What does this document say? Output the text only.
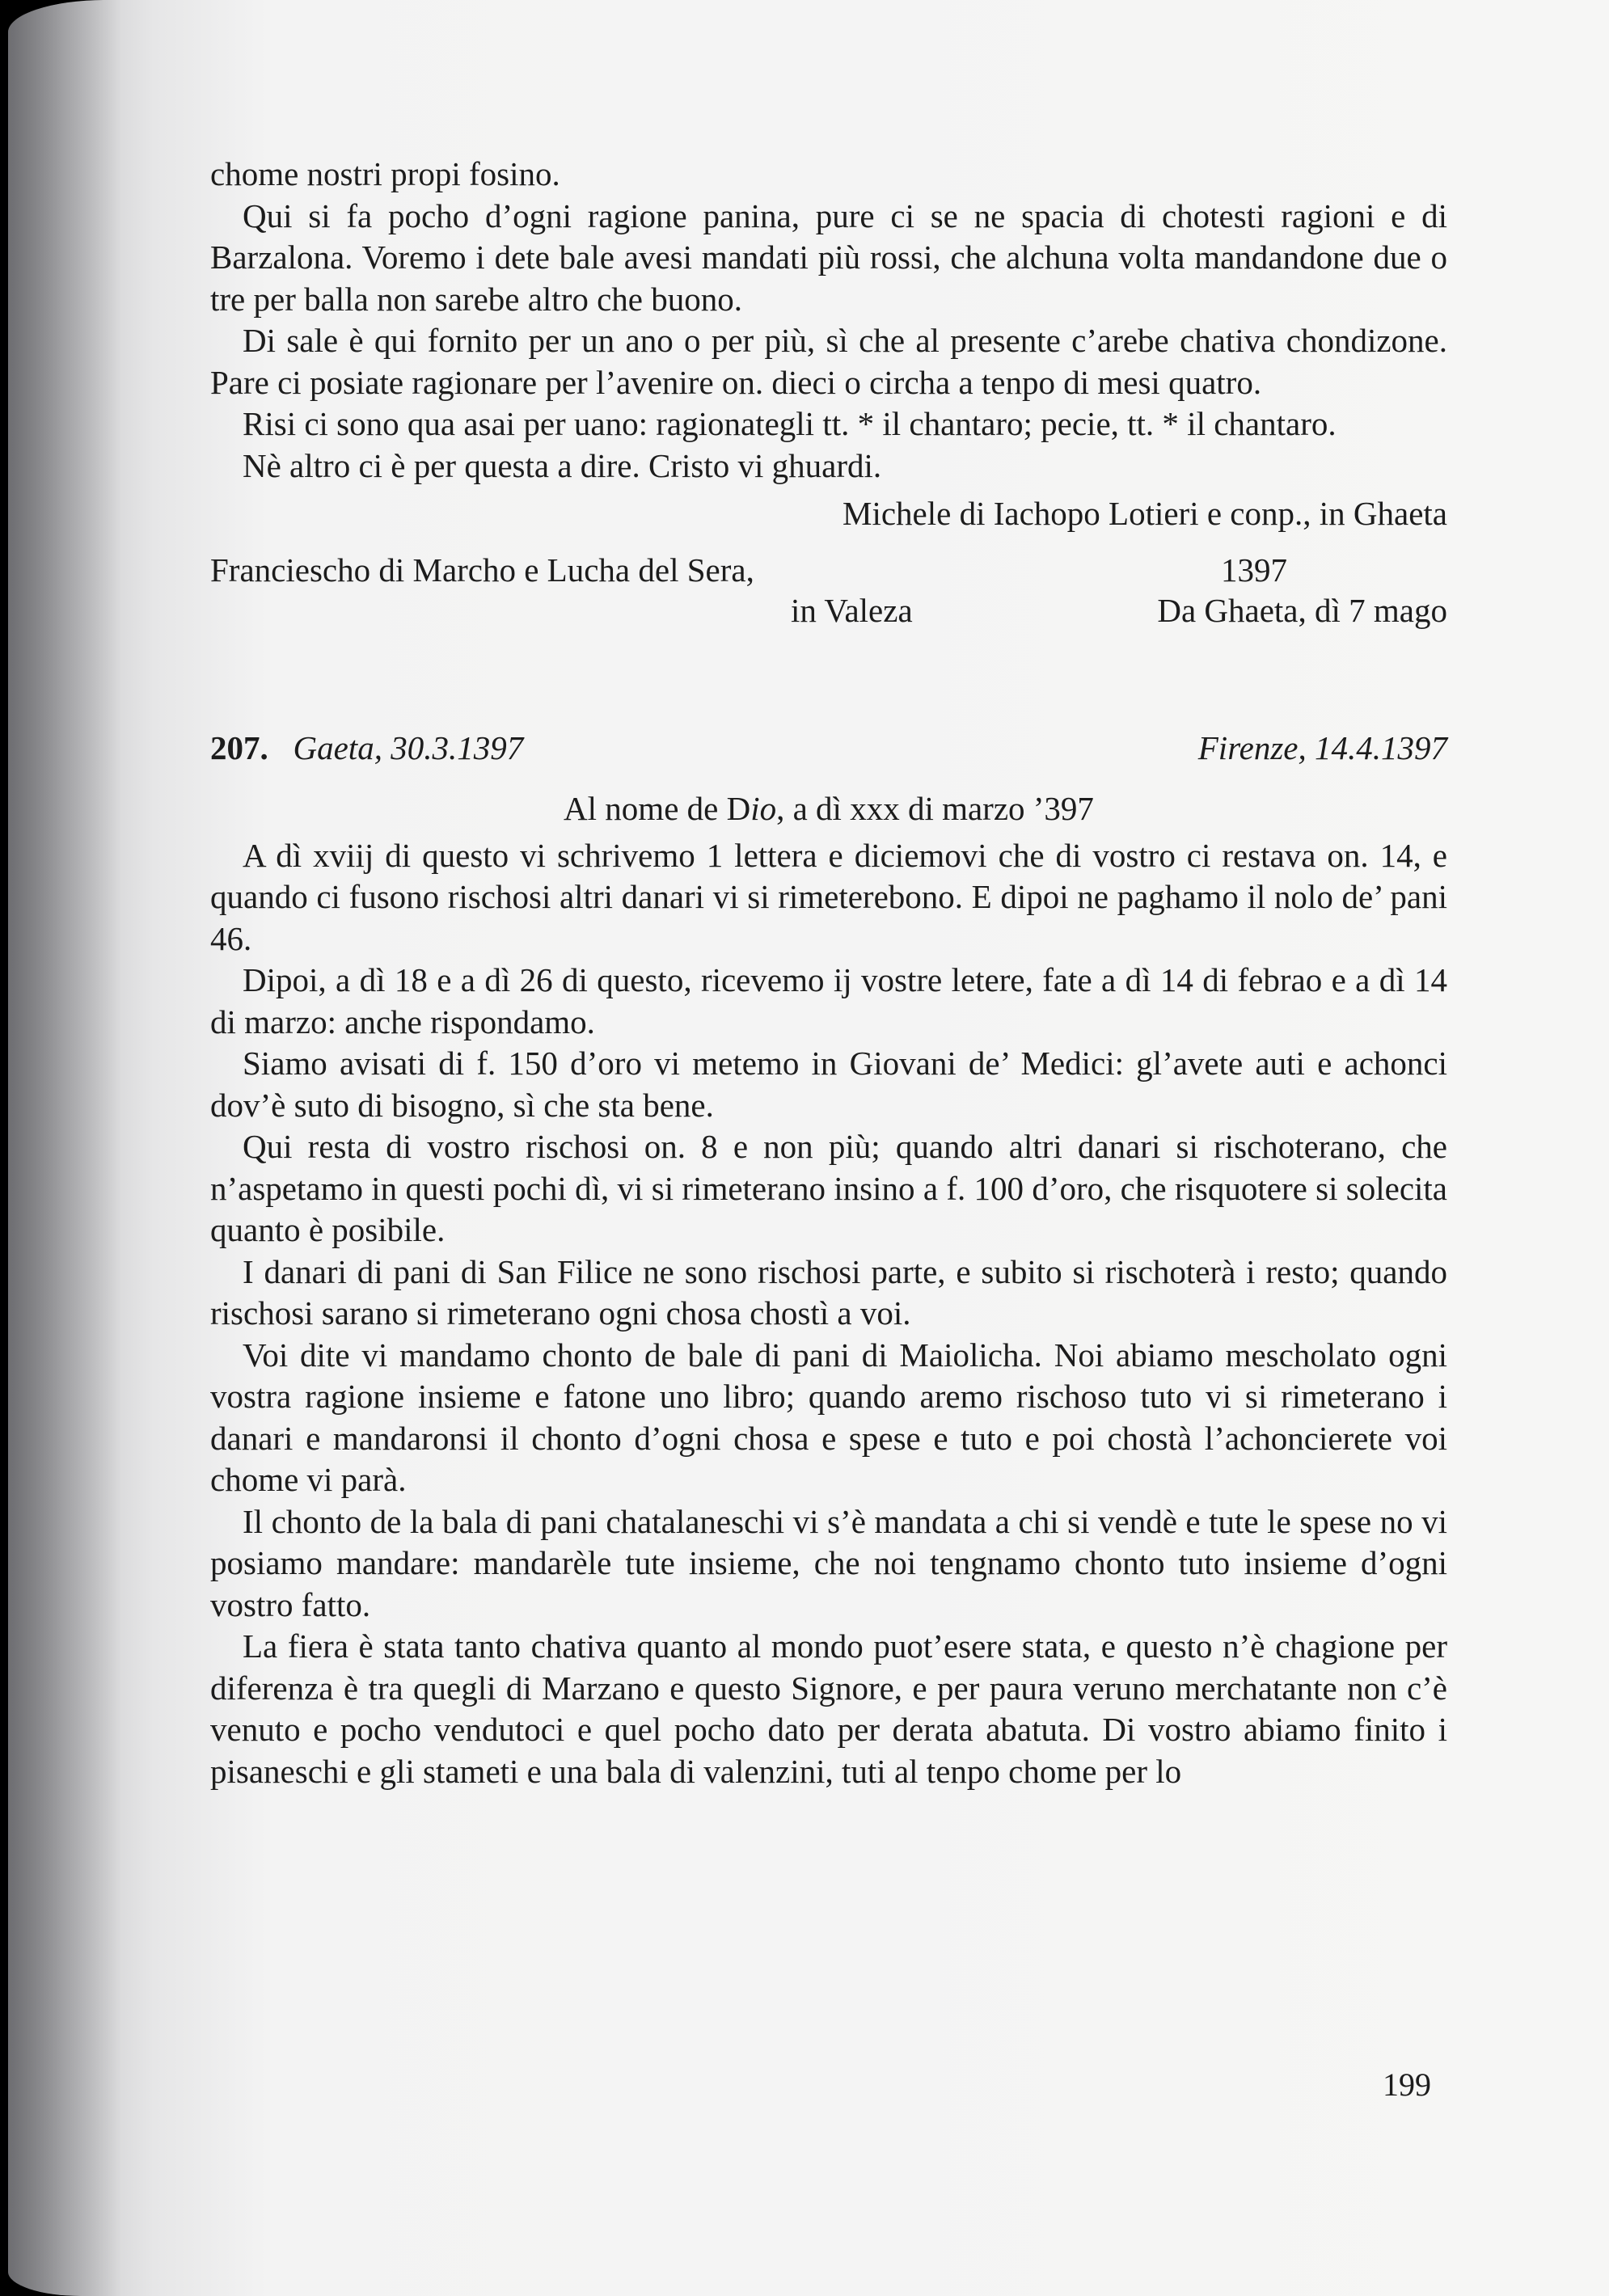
chome nostri propi fosino.

Qui si fa pocho d’ogni ragione panina, pure ci se ne spacia di chotesti ragioni e di Barzalona. Voremo i dete bale avesi mandati più rossi, che alchuna volta mandandone due o tre per balla non sarebe altro che buono.

Di sale è qui fornito per un ano o per più, sì che al presente c’arebe chativa chondizone. Pare ci posiate ragionare per l’avenire on. dieci o circha a tenpo di mesi quatro.

Risi ci sono qua asai per uano: ragionategli tt. * il chantaro; pecie, tt. * il chantaro.

Nè altro ci è per questa a dire. Cristo vi ghuardi.

Michele di Iachopo Lotieri e conp., in Ghaeta

Franciescho di Marcho e Lucha del Sera,	1397
in Valeza	Da Ghaeta, dì 7 mago
207. Gaeta, 30.3.1397	Firenze, 14.4.1397

Al nome de Dio, a dì xxx di marzo ’397

A dì xviij di questo vi schrivemo 1 lettera e diciemovi che di vostro ci restava on. 14, e quando ci fusono rischosi altri danari vi si rimeterebono. E dipoi ne paghamo il nolo de’ pani 46.

Dipoi, a dì 18 e a dì 26 di questo, ricevemo ij vostre letere, fate a dì 14 di febrao e a dì 14 di marzo: anche rispondamo.

Siamo avisati di f. 150 d’oro vi metemo in Giovani de’ Medici: gl’avete auti e achonci dov’è suto di bisogno, sì che sta bene.

Qui resta di vostro rischosi on. 8 e non più; quando altri danari si rischoterano, che n’aspetamo in questi pochi dì, vi si rimeterano insino a f. 100 d’oro, che risquotere si solecita quanto è posibile.

I danari di pani di San Filice ne sono rischosi parte, e subito si rischoterà i resto; quando rischosi sarano si rimeterano ogni chosa chostì a voi.

Voi dite vi mandamo chonto de bale di pani di Maiolicha. Noi abiamo mescholato ogni vostra ragione insieme e fatone uno libro; quando aremo rischoso tuto vi si rimeterano i danari e mandaronsi il chonto d’ogni chosa e spese e tuto e poi chostà l’achoncierete voi chome vi parà.

Il chonto de la bala di pani chatalaneschi vi s’è mandata a chi si vendè e tute le spese no vi posiamo mandare: mandarèle tute insieme, che noi tengnamo chonto tuto insieme d’ogni vostro fatto.

La fiera è stata tanto chativa quanto al mondo puot’esere stata, e questo n’è chagione per diferenza è tra quegli di Marzano e questo Signore, e per paura veruno merchatante non c’è venuto e pocho vendutoci e quel pocho dato per derata abatuta. Di vostro abiamo finito i pisaneschi e gli stameti e una bala di valenzini, tuti al tenpo chome per lo

199
